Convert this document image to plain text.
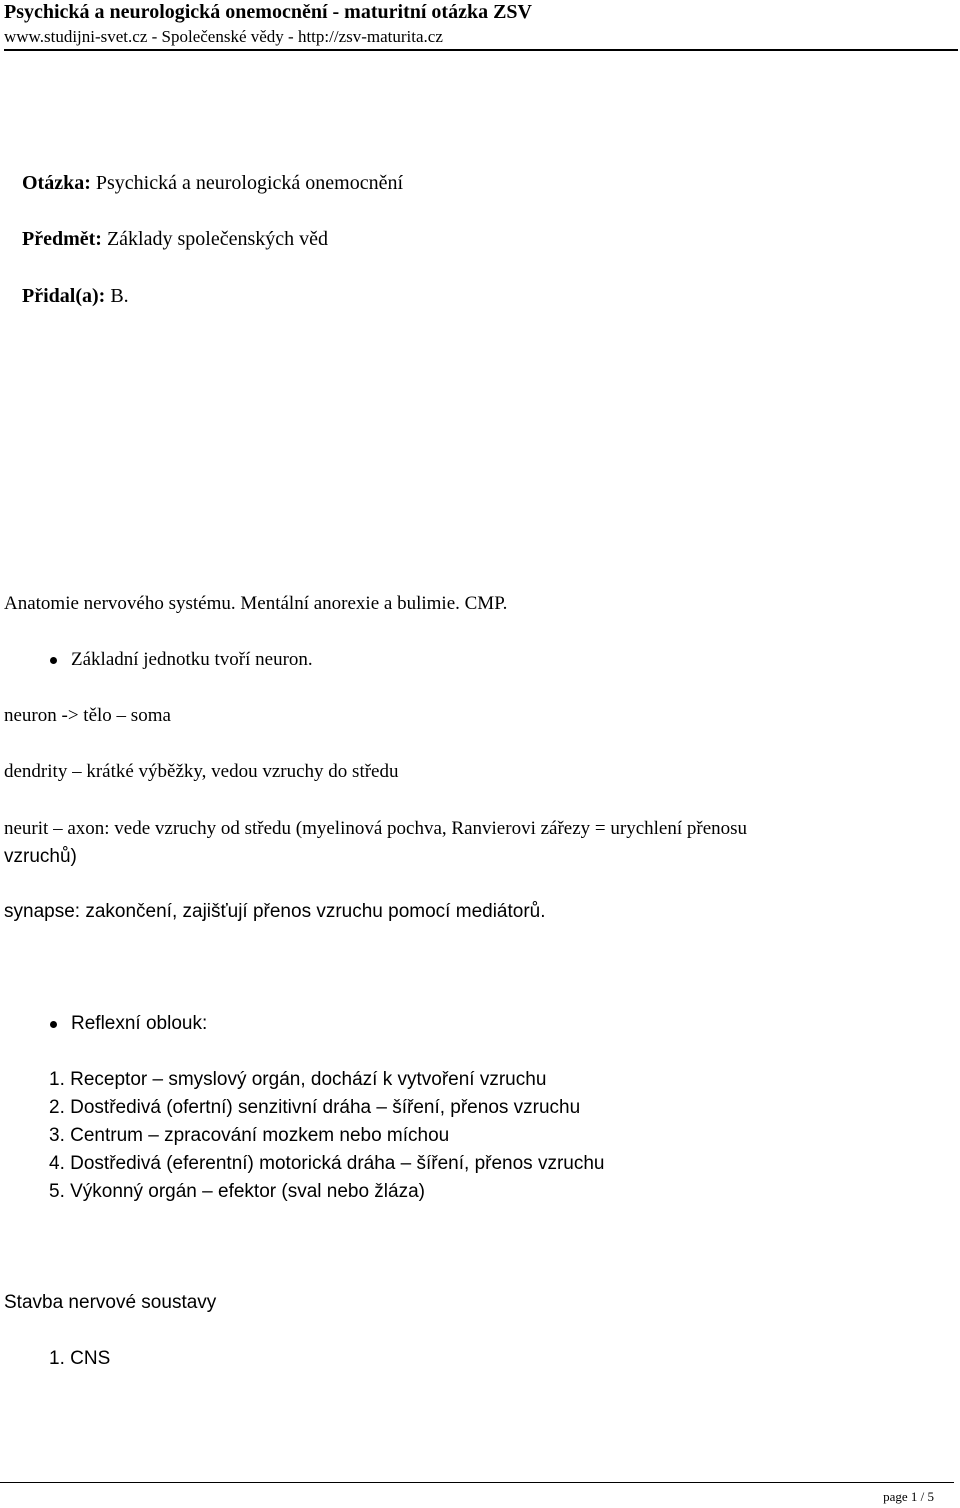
Psychická a neurologická onemocnění - maturitní otázka ZSV
www.studijni-svet.cz - Společenské vědy - http://zsv-maturita.cz
Otázka: Psychická a neurologická onemocnění
Předmět: Základy společenských věd
Přidal(a): B.
Anatomie nervového systému. Mentální anorexie a bulimie. CMP.
Základní jednotku tvoří neuron.
neuron -> tělo – soma
dendrity – krátké výběžky, vedou vzruchy do středu
neurit – axon: vede vzruchy od středu (myelinová pochva, Ranvierovi zářezy = urychlení přenosu
vzruchů)
synapse: zakončení, zajišťují přenos vzruchu pomocí mediátorů.
Reflexní oblouk:
1. Receptor – smyslový orgán, dochází k vytvoření vzruchu
2. Dostředivá (ofertní) senzitivní dráha – šíření, přenos vzruchu
3. Centrum – zpracování mozkem nebo míchou
4. Dostředivá (eferentní) motorická dráha – šíření, přenos vzruchu
5. Výkonný orgán – efektor (sval nebo žláza)
Stavba nervové soustavy
1. CNS
page 1 / 5
